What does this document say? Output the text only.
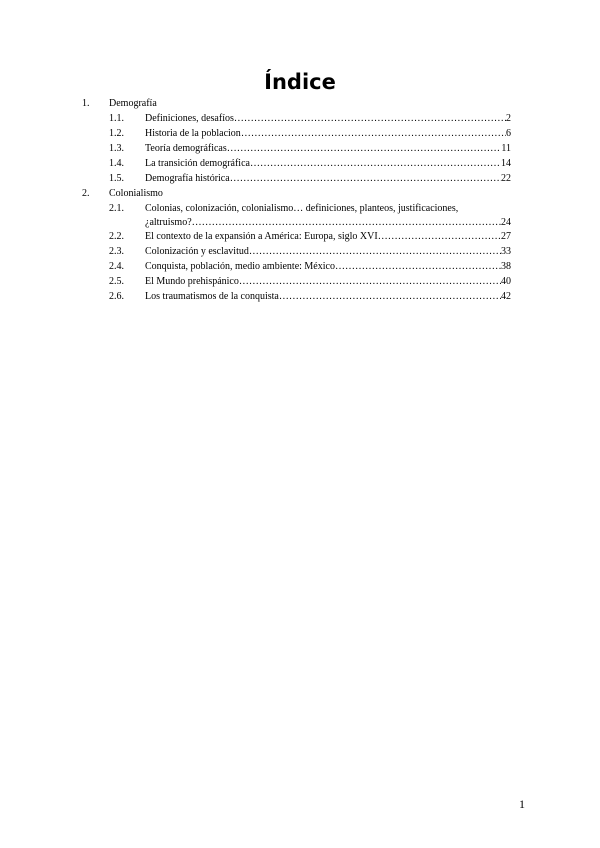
Índice
1. Demografía
1.1.	Definiciones, desafíos ……………………………………………………………………………………………………………………………………………………………	2
1.2.	Historia de la poblacion ……………………………………………………………………………………………………………………………………………………………	6
1.3.	Teoría demográficas ……………………………………………………………………………………………………………………………………………………………	11
1.4.	La transición demográfica ……………………………………………………………………………………………………………………………………………………………	14
1.5.	Demografía histórica ……………………………………………………………………………………………………………………………………………………………	22
2. Colonialismo
2.1.	Colonias, colonización, colonialismo… definiciones, planteos, justificaciones,
¿altruismo? ……………………………………………………………………………………………………………………………………………………………	24
2.2.	El contexto de la expansión a América: Europa, siglo XVI ……………………………………………………………………………………………………………………………………………………………	27
2.3.	Colonización y esclavitud ……………………………………………………………………………………………………………………………………………………………	33
2.4.	Conquista, población, medio ambiente: México ……………………………………………………………………………………………………………………………………………………………	38
2.5.	El Mundo prehispánico ……………………………………………………………………………………………………………………………………………………………	40
2.6.	Los traumatismos de la conquista ……………………………………………………………………………………………………………………………………………………………	42
1
